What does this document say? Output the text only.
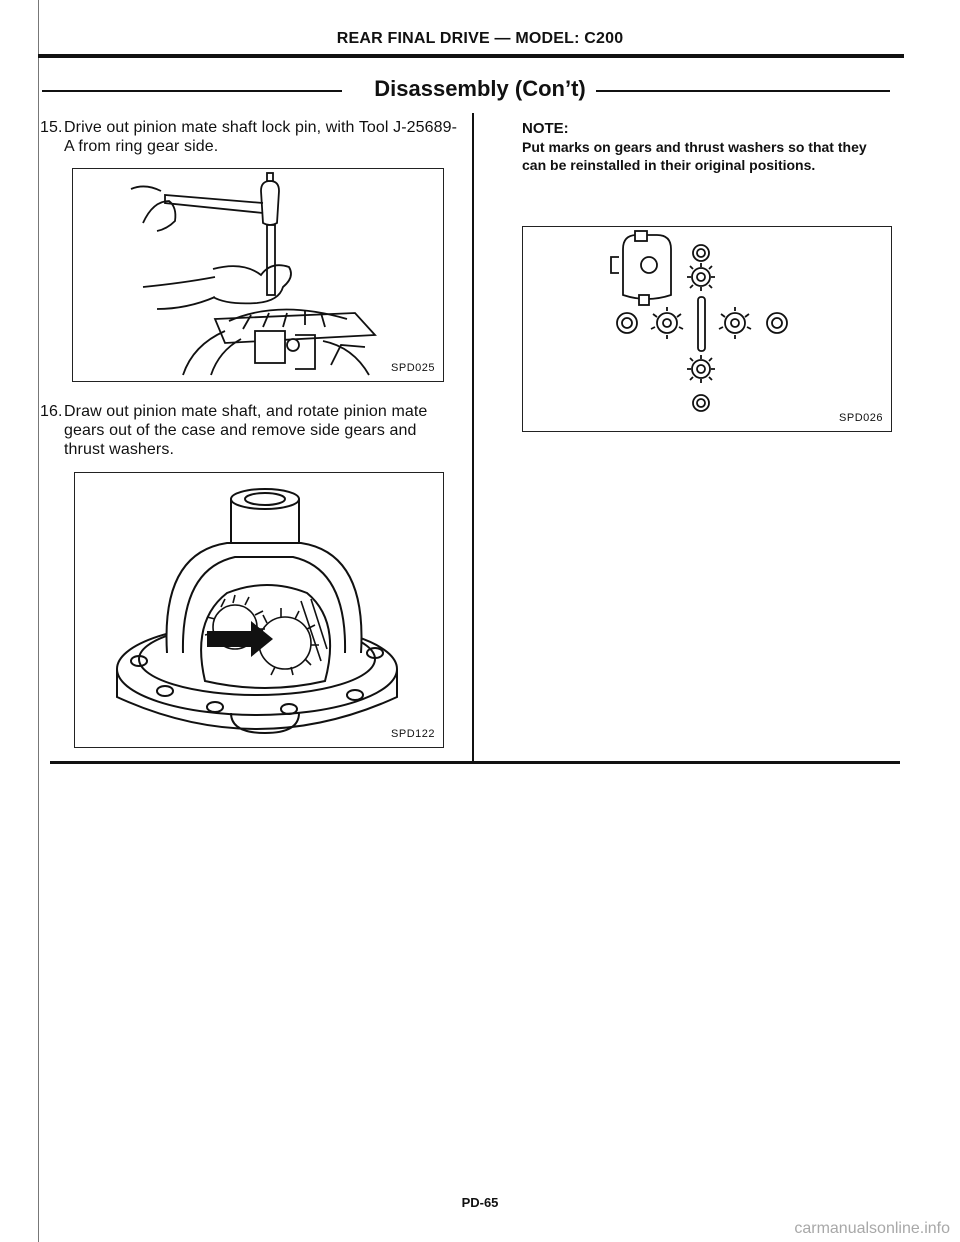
REAR FINAL DRIVE — MODEL: C200
Disassembly (Con’t)
15. Drive out pinion mate shaft lock pin, with Tool J-25689-A from ring gear side.
SPD025
16. Draw out pinion mate shaft, and rotate pinion mate gears out of the case and remove side gears and thrust washers.
SPD122
NOTE:
Put marks on gears and thrust washers so that they can be reinstalled in their original positions.
SPD026
PD-65
carmanualsonline.info
